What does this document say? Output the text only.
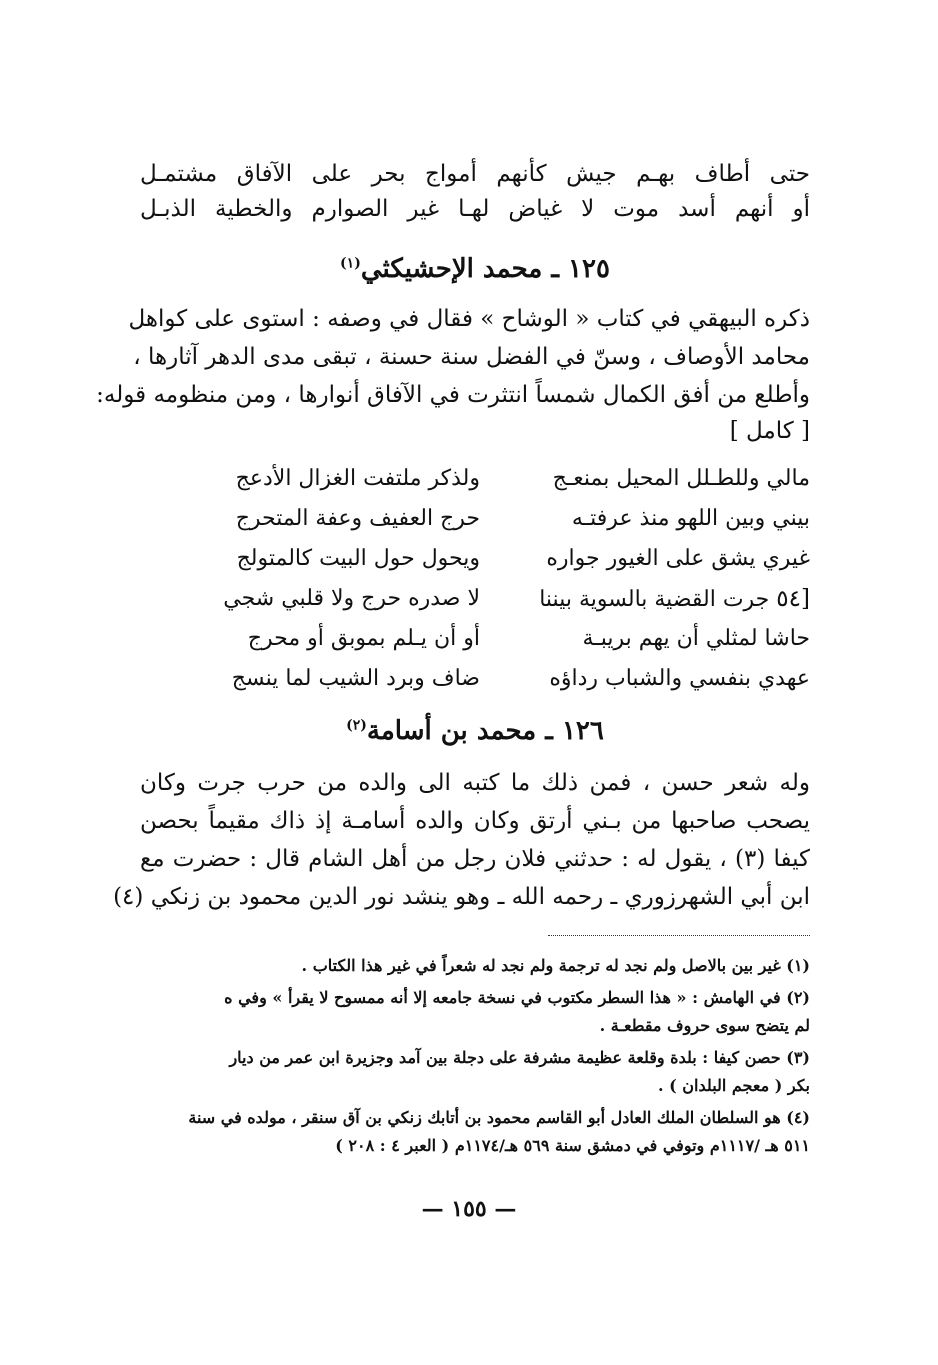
حتى أطاف بهـم جيش كأنهم أمواج بحر على الآفاق مشتمـل
أو أنهم أسد موت لا غياض لهـا غير الصوارم والخطية الذبـل
١٢٥ ـ محمد الإحشيكثي$^{(١)}$
ذكره البيهقي في كتاب « الوشاح » فقال في وصفه : استوى على كواهل
محامد الأوصاف ، وسنّ في الفضل سنة حسنة ، تبقى مدى الدهر آثارها ،
وأطلع من أفق الكمال شمساً انتثرت في الآفاق أنوارها ، ومن منظومه قوله:
[ كامل ]
مالي وللطـلل المحيل بمنعـج
ولذكر ملتفت الغزال الأدعج
بيني وبين اللهو منذ عرفتـه
حرج العفيف وعفة المتحرج
غيري يشق على الغيور جواره
ويحول حول البيت كالمتولج
[٥٤ جرت القضية بالسوية بيننا
لا صدره حرج ولا قلبي شجي
حاشا لمثلي أن يهم بريبـة
أو أن يـلم بموبق أو محرج
عهدي بنفسي والشباب رداؤه
ضاف وبرد الشيب لما ينسج
١٢٦ ـ محمد بن أسامة$^{(٢)}$
وله شعر حسن ، فمن ذلك ما كتبه الى والده من حرب جرت وكان
يصحب صاحبها من بـني أرتق وكان والده أسامـة إذ ذاك مقيماً بحصن
كيفا (٣) ، يقول له : حدثني فلان رجل من أهل الشام قال : حضرت مع
ابن أبي الشهرزوري ـ رحمه الله ـ وهو ينشد نور الدين محمود بن زنكي (٤)
(١) غير بين بالاصل ولم نجد له ترجمة ولم نجد له شعراً في غير هذا الكتاب .
(٢) في الهامش : « هذا السطر مكتوب في نسخة جامعه إلا أنه ممسوح لا يقرأ » وفي ه
لم يتضح سوى حروف مقطعـة .
(٣) حصن كيفا : بلدة وقلعة عظيمة مشرفة على دجلة بين آمد وجزيرة ابن عمر من ديار
بكر ( معجم البلدان ) .
(٤) هو السلطان الملك العادل أبو القاسم محمود بن أتابك زنكي بن آق سنقر ، مولده في سنة
٥١١ هـ /١١١٧م وتوفي في دمشق سنة ٥٦٩ هـ/١١٧٤م ( العبر ٤ : ٢٠٨ )
— ١٥٥ —
